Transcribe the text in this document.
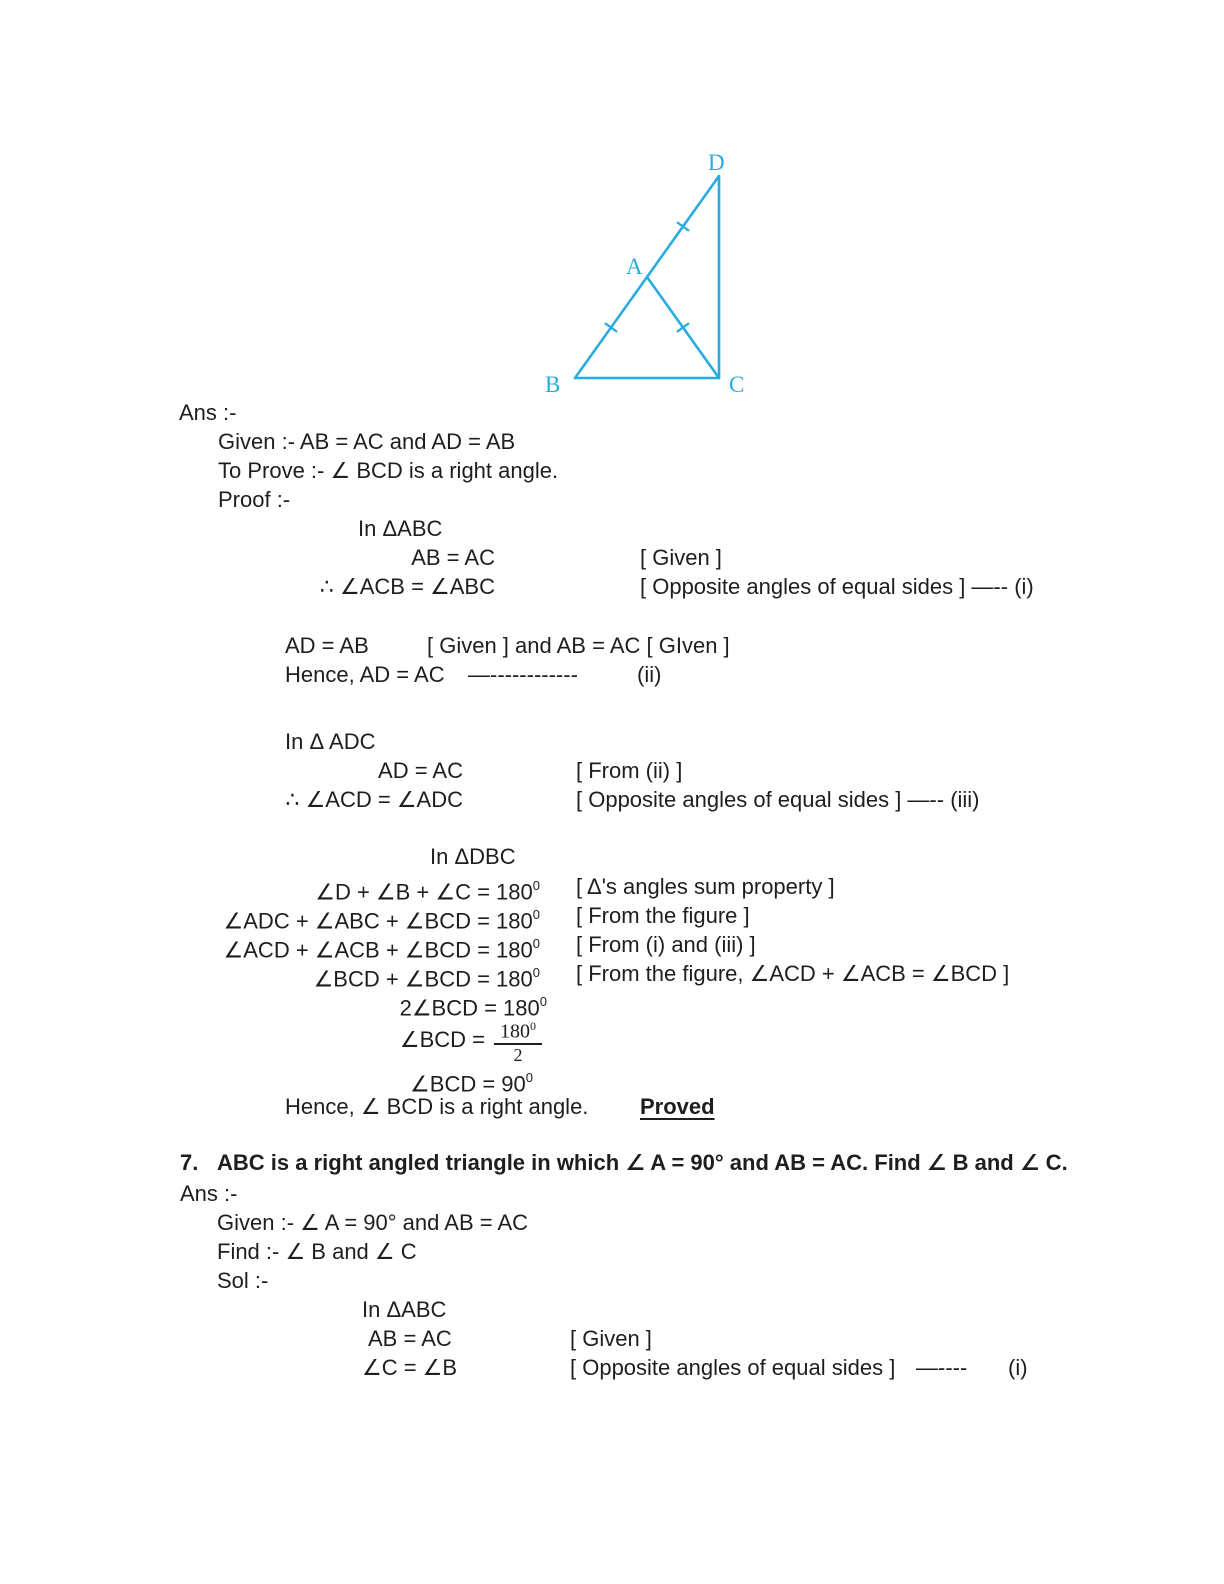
D
A
B	C
Ans :-
Given :- AB = AC and AD = AB
To Prove :- ∠ BCD is a right angle.
Proof :-
In ΔABC
AB = AC	[ Given ]
∴ ∠ACB = ∠ABC	[ Opposite angles of equal sides ] —-- (i)
AD = AB	[ Given ] and AB = AC [ GIven ]
Hence, AD = AC —------------	(ii)
In Δ ADC
AD = AC	[ From (ii) ]
∴ ∠ACD = ∠ADC	[ Opposite angles of equal sides ] —-- (iii)
In ΔDBC
∠D + ∠B + ∠C = $180^0$ [ Δ's angles sum property ]
∠ADC + ∠ABC + ∠BCD = $180^0$ [ From the figure ]
∠ACD + ∠ACB + ∠BCD = $180^0$ [ From (i) and (iii) ]
∠BCD + ∠BCD = $180^0$ [ From the figure, ∠ACD + ∠ACB = ∠BCD ]
2∠BCD = $180^0$
∠BCD = $\frac{180^0}{2}$
∠BCD = $90^0$
Hence, ∠ BCD is a right angle. Proved
7. ABC is a right angled triangle in which ∠ A = 90° and AB = AC. Find ∠ B and ∠ C.
Ans :-
Given :- ∠ A = 90° and AB = AC
Find :- ∠ B and ∠ C
Sol :-
In ΔABC
AB = AC	[ Given ]
∠C = ∠B	[ Opposite angles of equal sides ] —---- (i)
